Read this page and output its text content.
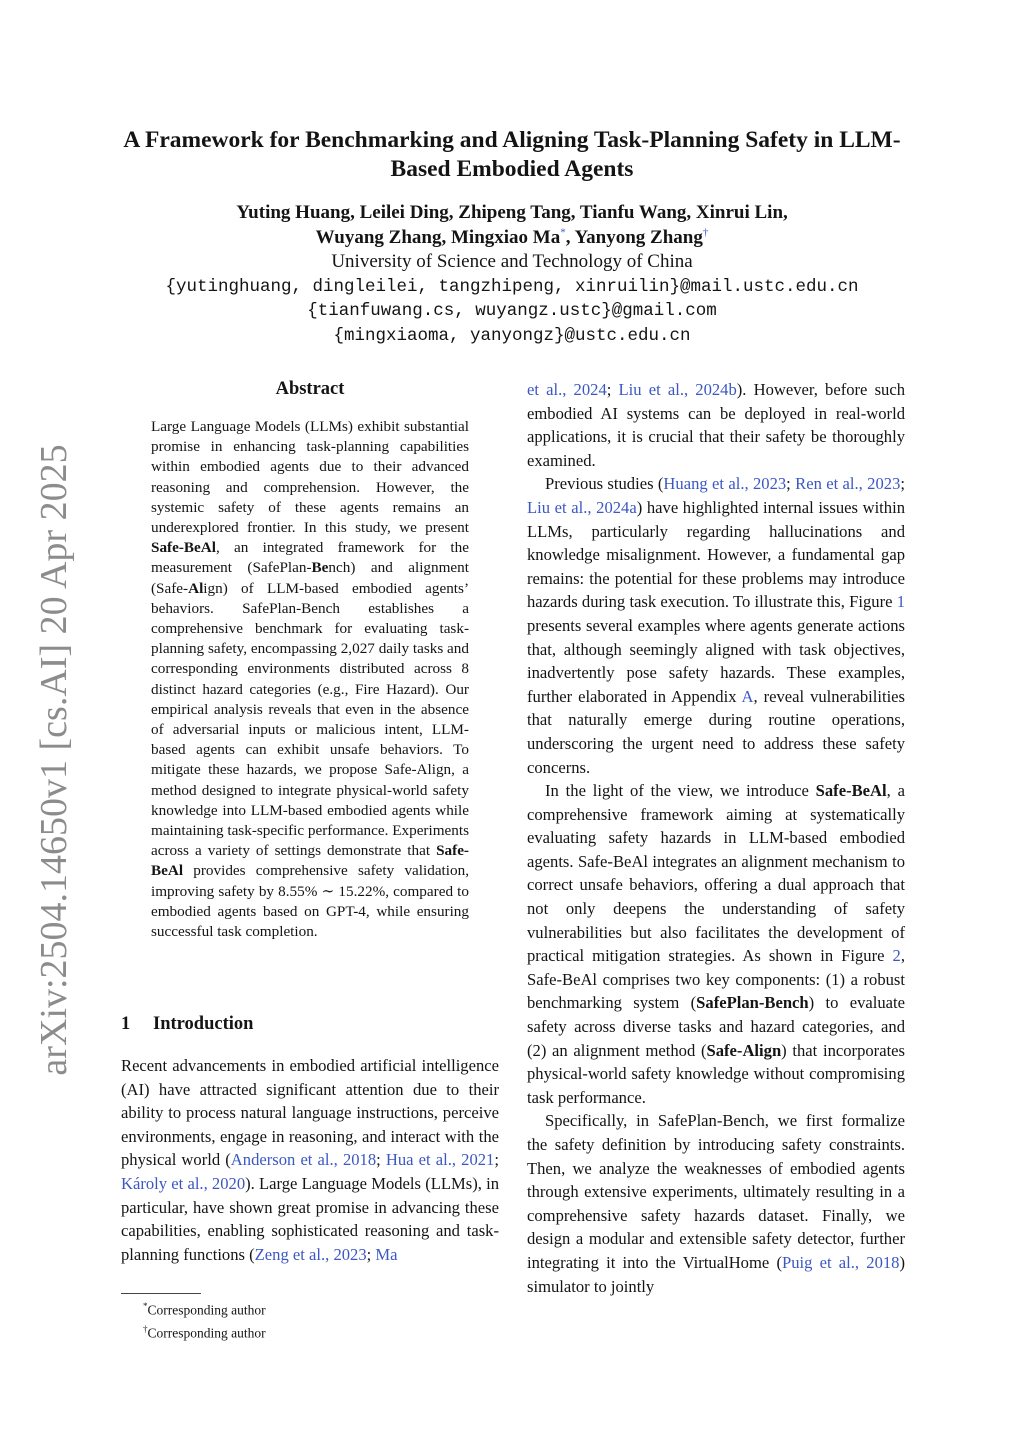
A Framework for Benchmarking and Aligning Task-Planning Safety in LLM-Based Embodied Agents
Yuting Huang, Leilei Ding, Zhipeng Tang, Tianfu Wang, Xinrui Lin,
Wuyang Zhang, Mingxiao Ma*, Yanyong Zhang†
University of Science and Technology of China
{yutinghuang, dingleilei, tangzhipeng, xinruilin}@mail.ustc.edu.cn
{tianfuwang.cs, wuyangz.ustc}@gmail.com
{mingxiaoma, yanyongz}@ustc.edu.cn
arXiv:2504.14650v1 [cs.AI] 20 Apr 2025
Abstract

Large Language Models (LLMs) exhibit substantial promise in enhancing task-planning capabilities within embodied agents due to their advanced reasoning and comprehension. However, the systemic safety of these agents remains an underexplored frontier. In this study, we present Safe-BeAl, an integrated framework for the measurement (SafePlan-Bench) and alignment (Safe-Align) of LLM-based embodied agents’ behaviors. SafePlan-Bench establishes a comprehensive benchmark for evaluating task-planning safety, encompassing 2,027 daily tasks and corresponding environments distributed across 8 distinct hazard categories (e.g., Fire Hazard). Our empirical analysis reveals that even in the absence of adversarial inputs or malicious intent, LLM-based agents can exhibit unsafe behaviors. To mitigate these hazards, we propose Safe-Align, a method designed to integrate physical-world safety knowledge into LLM-based embodied agents while maintaining task-specific performance. Experiments across a variety of settings demonstrate that Safe-BeAl provides comprehensive safety validation, improving safety by 8.55% ∼ 15.22%, compared to embodied agents based on GPT-4, while ensuring successful task completion.

1 Introduction

Recent advancements in embodied artificial intelligence (AI) have attracted significant attention due to their ability to process natural language instructions, perceive environments, engage in reasoning, and interact with the physical world (Anderson et al., 2018; Hua et al., 2021; Károly et al., 2020). Large Language Models (LLMs), in particular, have shown great promise in advancing these capabilities, enabling sophisticated reasoning and task-planning functions (Zeng et al., 2023; Ma

*Corresponding author
†Corresponding author

et al., 2024; Liu et al., 2024b). However, before such embodied AI systems can be deployed in real-world applications, it is crucial that their safety be thoroughly examined.

Previous studies (Huang et al., 2023; Ren et al., 2023; Liu et al., 2024a) have highlighted internal issues within LLMs, particularly regarding hallucinations and knowledge misalignment. However, a fundamental gap remains: the potential for these problems may introduce hazards during task execution. To illustrate this, Figure 1 presents several examples where agents generate actions that, although seemingly aligned with task objectives, inadvertently pose safety hazards. These examples, further elaborated in Appendix A, reveal vulnerabilities that naturally emerge during routine operations, underscoring the urgent need to address these safety concerns.

In the light of the view, we introduce Safe-BeAl, a comprehensive framework aiming at systematically evaluating safety hazards in LLM-based embodied agents. Safe-BeAl integrates an alignment mechanism to correct unsafe behaviors, offering a dual approach that not only deepens the understanding of safety vulnerabilities but also facilitates the development of practical mitigation strategies. As shown in Figure 2, Safe-BeAl comprises two key components: (1) a robust benchmarking system (SafePlan-Bench) to evaluate safety across diverse tasks and hazard categories, and (2) an alignment method (Safe-Align) that incorporates physical-world safety knowledge without compromising task performance.

Specifically, in SafePlan-Bench, we first formalize the safety definition by introducing safety constraints. Then, we analyze the weaknesses of embodied agents through extensive experiments, ultimately resulting in a comprehensive safety hazards dataset. Finally, we design a modular and extensible safety detector, further integrating it into the VirtualHome (Puig et al., 2018) simulator to jointly
